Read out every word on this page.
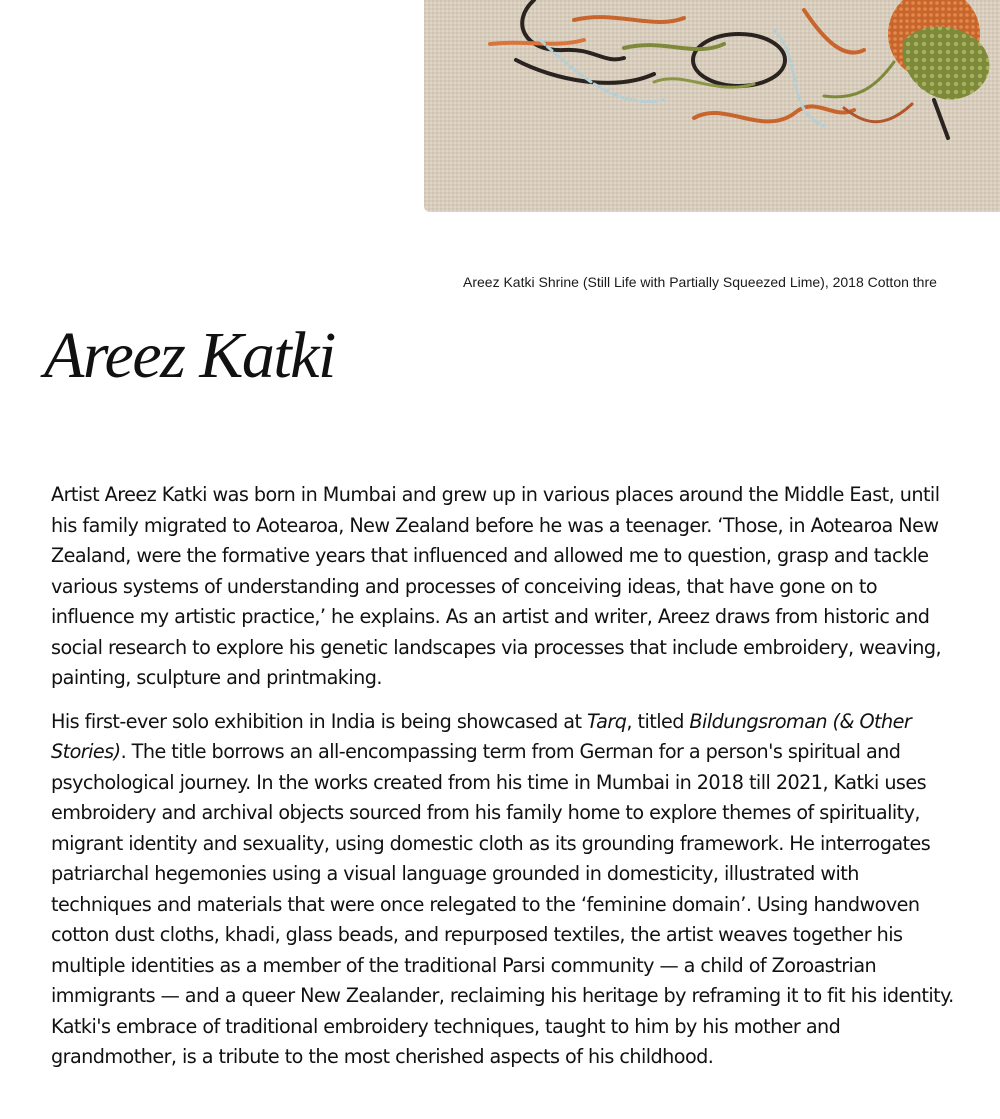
Areez Katki Shrine (Still Life with Partially Squeezed Lime), 2018 Cotton thre
Areez Katki

Artist Areez Katki was born in Mumbai and grew up in various places around the Middle East, until his family migrated to Aotearoa, New Zealand before he was a teenager. ‘Those, in Aotearoa New Zealand, were the formative years that influenced and allowed me to question, grasp and tackle various systems of understanding and processes of conceiving ideas, that have gone on to influence my artistic practice,’ he explains. As an artist and writer, Areez draws from historic and social research to explore his genetic landscapes via processes that include embroidery, weaving, painting, sculpture and printmaking.

His first-ever solo exhibition in India is being showcased at Tarq, titled Bildungsroman (& Other Stories). The title borrows an all-encompassing term from German for a person's spiritual and psychological journey. In the works created from his time in Mumbai in 2018 till 2021, Katki uses embroidery and archival objects sourced from his family home to explore themes of spirituality, migrant identity and sexuality, using domestic cloth as its grounding framework. He interrogates patriarchal hegemonies using a visual language grounded in domesticity, illustrated with techniques and materials that were once relegated to the ‘feminine domain’. Using handwoven cotton dust cloths, khadi, glass beads, and repurposed textiles, the artist weaves together his multiple identities as a member of the traditional Parsi community — a child of Zoroastrian immigrants — and a queer New Zealander, reclaiming his heritage by reframing it to fit his identity. Katki's embrace of traditional embroidery techniques, taught to him by his mother and grandmother, is a tribute to the most cherished aspects of his childhood.
